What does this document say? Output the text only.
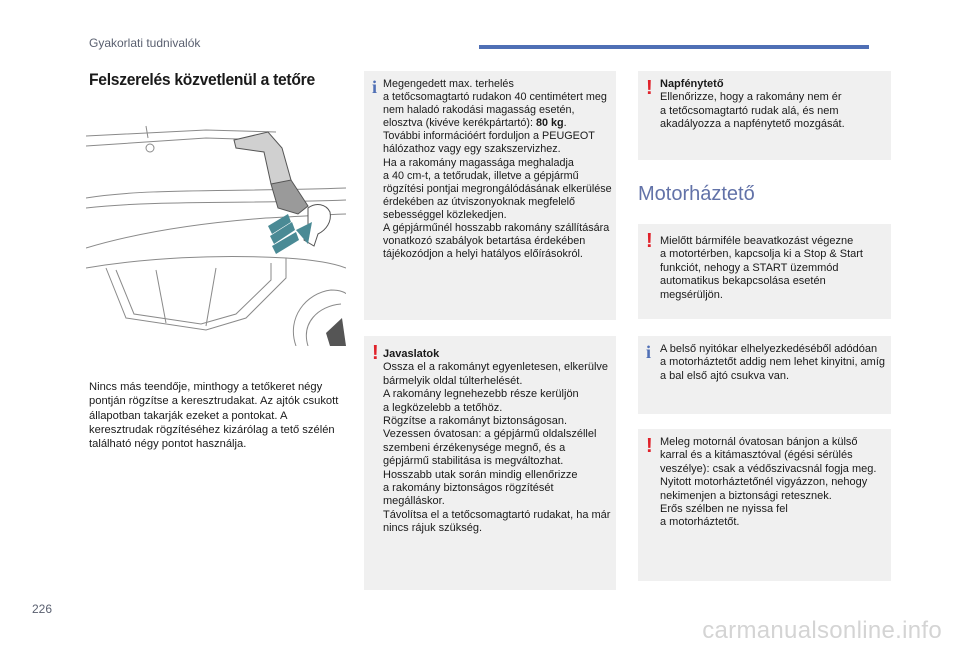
Gyakorlati tudnivalók
Felszerelés közvetlenül a tetőre

Nincs más teendője, minthogy a tetőkeret négy pontján rögzítse a keresztrudakat. Az ajtók csukott állapotban takarják ezeket a pontokat. A keresztrudak rögzítéséhez kizárólag a tető szélén található négy pontot használja.

i Megengedett max. terhelés
a tetőcsomagtartó rudakon 40 centimétert meg nem haladó rakodási magasság esetén, elosztva (kivéve kerékpártartó): 80 kg.
További információért forduljon a PEUGEOT hálózathoz vagy egy szakszervizhez.
Ha a rakomány magassága meghaladja
a 40 cm-t, a tetőrudak, illetve a gépjármű rögzítési pontjai megrongálódásának elkerülése érdekében az útviszonyoknak megfelelő sebességgel közlekedjen.
A gépjárműnél hosszabb rakomány szállítására vonatkozó szabályok betartása érdekében tájékozódjon a helyi hatályos előírásokról.

! Javaslatok
Ossza el a rakományt egyenletesen, elkerülve bármelyik oldal túlterhelését.
A rakomány legnehezebb része kerüljön
a legközelebb a tetőhöz.
Rögzítse a rakományt biztonságosan.
Vezessen óvatosan: a gépjármű oldalszéllel szembeni érzékenysége megnő, és a gépjármű stabilitása is megváltozhat.
Hosszabb utak során mindig ellenőrizze
a rakomány biztonságos rögzítését megálláskor.
Távolítsa el a tetőcsomagtartó rudakat, ha már nincs rájuk szükség.

! Napfénytető
Ellenőrizze, hogy a rakomány nem ér
a tetőcsomagtartó rudak alá, és nem akadályozza a napfénytető mozgását.

Motorháztető
! Mielőtt bármiféle beavatkozást végezne
a motortérben, kapcsolja ki a Stop & Start funkciót, nehogy a START üzemmód automatikus bekapcsolása esetén megsérüljön.

i A belső nyitókar elhelyezkedéséből adódóan a motorháztetőt addig nem lehet kinyitni, amíg a bal első ajtó csukva van.

! Meleg motornál óvatosan bánjon a külső karral és a kitámasztóval (égési sérülés veszélye): csak a védőszivacsnál fogja meg.
Nyitott motorháztetőnél vigyázzon, nehogy nekimenjen a biztonsági retesznek.
Erős szélben ne nyissa fel
a motorháztetőt.

226
carmanualsonline.info
